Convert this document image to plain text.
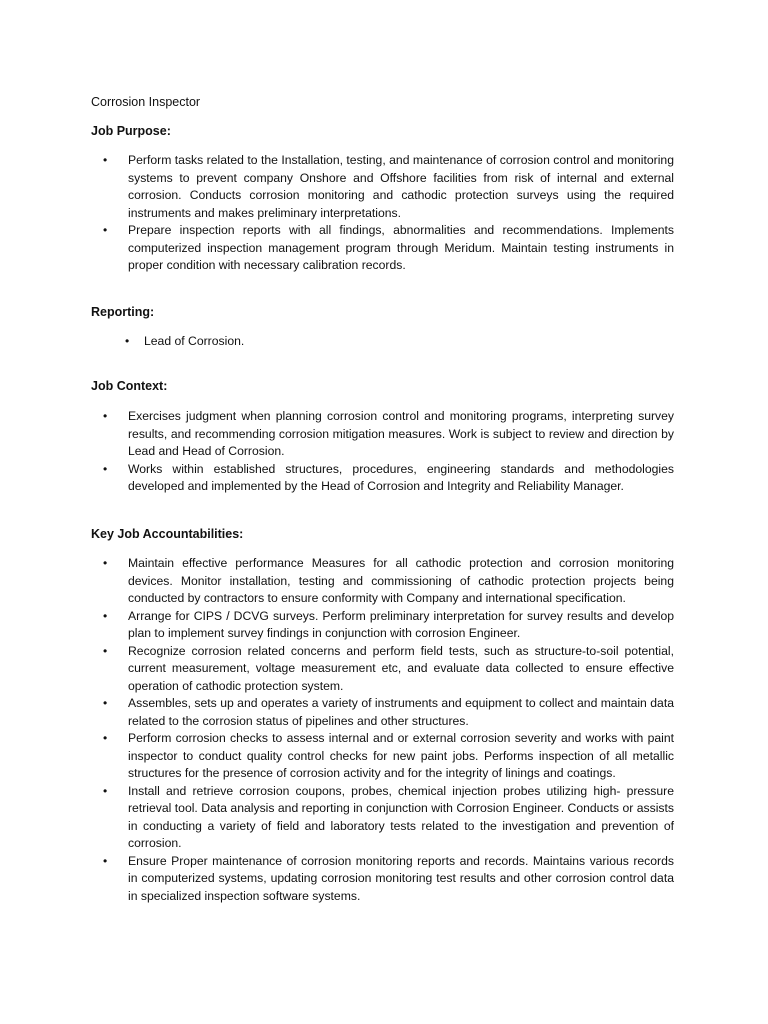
Corrosion Inspector

Job Purpose:

• Perform tasks related to the Installation, testing, and maintenance of corrosion control and monitoring systems to prevent company Onshore and Offshore facilities from risk of internal and external corrosion. Conducts corrosion monitoring and cathodic protection surveys using the required instruments and makes preliminary interpretations.
• Prepare inspection reports with all findings, abnormalities and recommendations. Implements computerized inspection management program through Meridum. Maintain testing instruments in proper condition with necessary calibration records.

Reporting:

• Lead of Corrosion.

Job Context:

• Exercises judgment when planning corrosion control and monitoring programs, interpreting survey results, and recommending corrosion mitigation measures. Work is subject to review and direction by Lead and Head of Corrosion.
• Works within established structures, procedures, engineering standards and methodologies developed and implemented by the Head of Corrosion and Integrity and Reliability Manager.

Key Job Accountabilities:

• Maintain effective performance Measures for all cathodic protection and corrosion monitoring devices. Monitor installation, testing and commissioning of cathodic protection projects being conducted by contractors to ensure conformity with Company and international specification.
• Arrange for CIPS / DCVG surveys. Perform preliminary interpretation for survey results and develop plan to implement survey findings in conjunction with corrosion Engineer.
• Recognize corrosion related concerns and perform field tests, such as structure-to-soil potential, current measurement, voltage measurement etc, and evaluate data collected to ensure effective operation of cathodic protection system.
• Assembles, sets up and operates a variety of instruments and equipment to collect and maintain data related to the corrosion status of pipelines and other structures.
• Perform corrosion checks to assess internal and or external corrosion severity and works with paint inspector to conduct quality control checks for new paint jobs. Performs inspection of all metallic structures for the presence of corrosion activity and for the integrity of linings and coatings.
• Install and retrieve corrosion coupons, probes, chemical injection probes utilizing high- pressure retrieval tool. Data analysis and reporting in conjunction with Corrosion Engineer. Conducts or assists in conducting a variety of field and laboratory tests related to the investigation and prevention of corrosion.
• Ensure Proper maintenance of corrosion monitoring reports and records. Maintains various records in computerized systems, updating corrosion monitoring test results and other corrosion control data in specialized inspection software systems.
